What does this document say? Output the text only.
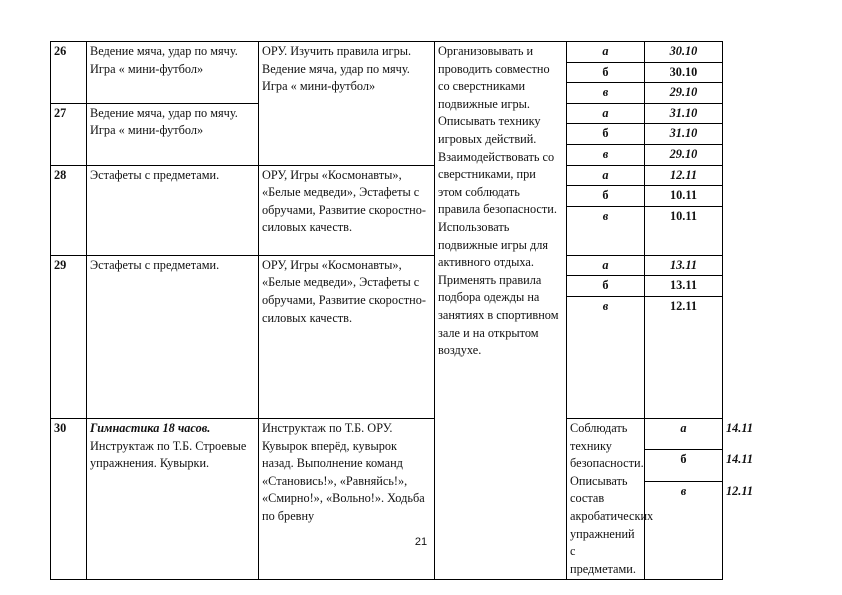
26	Ведение мяча, удар по мячу. Игра « мини-футбол»	ОРУ. Изучить правила игры. Ведение мяча, удар по мячу. Игра « мини-футбол»	Организовывать и проводить совместно со сверстниками подвижные игры. Описывать технику игровых действий. Взаимодействовать со сверстниками, при этом соблюдать правила безопасности. Использовать подвижные игры для активного отдыха. Применять правила подбора одежды на занятиях в спортивном зале и на открытом воздухе.	а	30.10	
				б	30.10	
				в	29.10	
27	Ведение мяча, удар по мячу. Игра « мини-футбол»			а	31.10	
				б	31.10	
				в	29.10	
28	Эстафеты с предметами.	ОРУ, Игры «Космонавты», «Белые медведи», Эстафеты с обручами, Развитие скоростно-силовых качеств.		а	12.11	
				б	10.11	
				в	10.11	
29	Эстафеты с предметами.	ОРУ, Игры «Космонавты», «Белые медведи», Эстафеты с обручами, Развитие скоростно-силовых качеств.		а	13.11	
				б	13.11	
				в	12.11	
30	Гимнастика 18 часов. Инструктаж по Т.Б. Строевые упражнения. Кувырки.	Инструктаж по Т.Б. ОРУ. Кувырок вперёд, кувырок назад. Выполнение команд «Становись!», «Равняйсь!», «Смирно!», «Вольно!». Ходьба по бревну		Соблюдать технику безопасности. Описывать состав акробатических упражнений с предметами.	а	14.11
					б	14.11
					в	12.11
21
